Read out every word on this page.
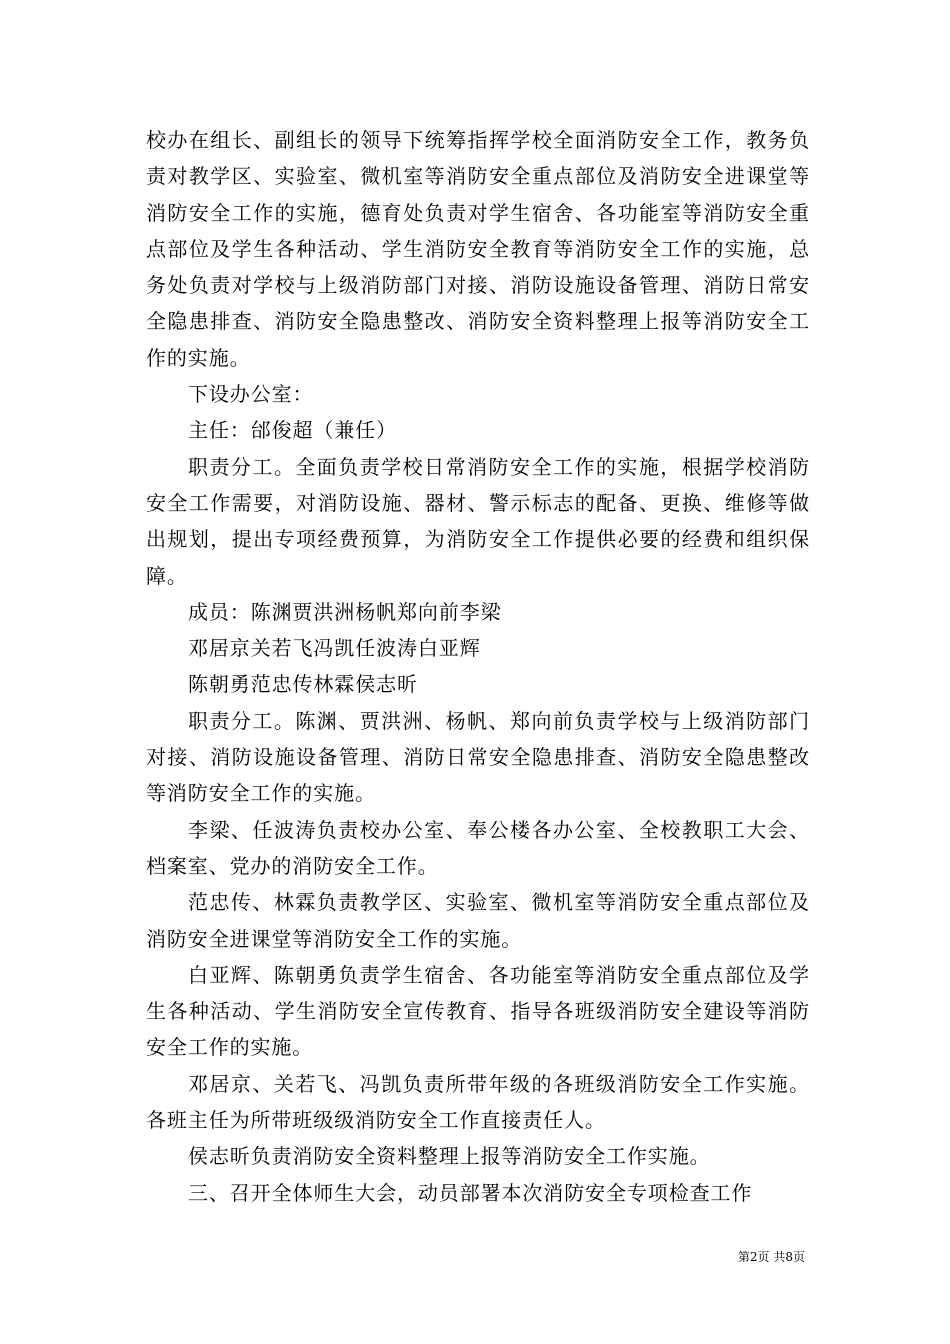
校办在组长、副组长的领导下统筹指挥学校全面消防安全工作，教务负责对教学区、实验室、微机室等消防安全重点部位及消防安全进课堂等消防安全工作的实施，德育处负责对学生宿舍、各功能室等消防安全重点部位及学生各种活动、学生消防安全教育等消防安全工作的实施，总务处负责对学校与上级消防部门对接、消防设施设备管理、消防日常安全隐患排查、消防安全隐患整改、消防安全资料整理上报等消防安全工作的实施。

下设办公室：

主任：邰俊超（兼任）

职责分工。全面负责学校日常消防安全工作的实施，根据学校消防安全工作需要，对消防设施、器材、警示标志的配备、更换、维修等做出规划，提出专项经费预算，为消防安全工作提供必要的经费和组织保障。

成员：陈渊贾洪洲杨帆郑向前李梁

邓居京关若飞冯凯任波涛白亚辉

陈朝勇范忠传林霖侯志昕

职责分工。陈渊、贾洪洲、杨帆、郑向前负责学校与上级消防部门对接、消防设施设备管理、消防日常安全隐患排查、消防安全隐患整改等消防安全工作的实施。

李梁、任波涛负责校办公室、奉公楼各办公室、全校教职工大会、档案室、党办的消防安全工作。

范忠传、林霖负责教学区、实验室、微机室等消防安全重点部位及消防安全进课堂等消防安全工作的实施。

白亚辉、陈朝勇负责学生宿舍、各功能室等消防安全重点部位及学生各种活动、学生消防安全宣传教育、指导各班级消防安全建设等消防安全工作的实施。

邓居京、关若飞、冯凯负责所带年级的各班级消防安全工作实施。各班主任为所带班级级消防安全工作直接责任人。

侯志昕负责消防安全资料整理上报等消防安全工作实施。

三、召开全体师生大会，动员部署本次消防安全专项检查工作

第2页 共8页
